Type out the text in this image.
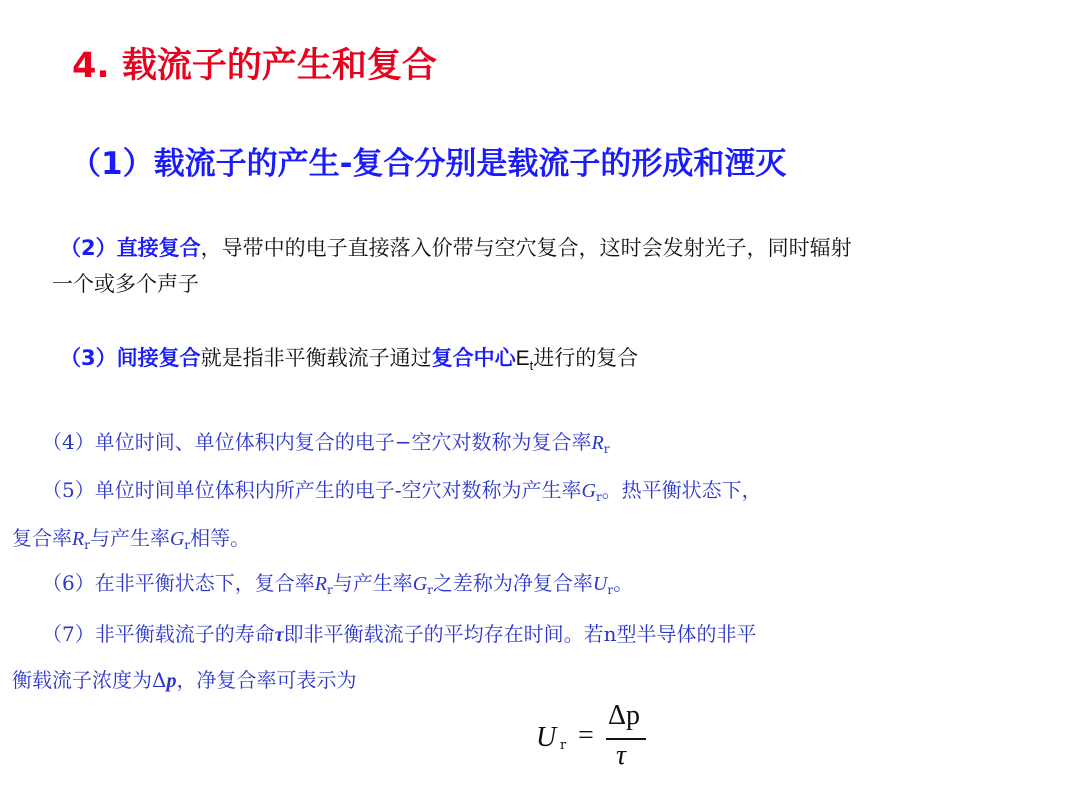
4. 载流子的产生和复合
（1）载流子的产生-复合分别是载流子的形成和湮灭
（2）直接复合，导带中的电子直接落入价带与空穴复合，这时会发射光子，同时辐射
一个或多个声子
（3）间接复合就是指非平衡载流子通过复合中心$E_t$进行的复合
（4）单位时间、单位体积内复合的电子−空穴对数称为复合率$R_r$
（5）单位时间单位体积内所产生的电子-空穴对数称为产生率$G_r$。热平衡状态下，
复合率$R_r$与产生率$G_r$相等。
（6）在非平衡状态下，复合率$R_r$与产生率$G_r$之差称为净复合率$U_r$。
（7）非平衡载流子的寿命τ即非平衡载流子的平均存在时间。若n型半导体的非平
衡载流子浓度为Δp，净复合率可表示为
U r =
Δp
τ
